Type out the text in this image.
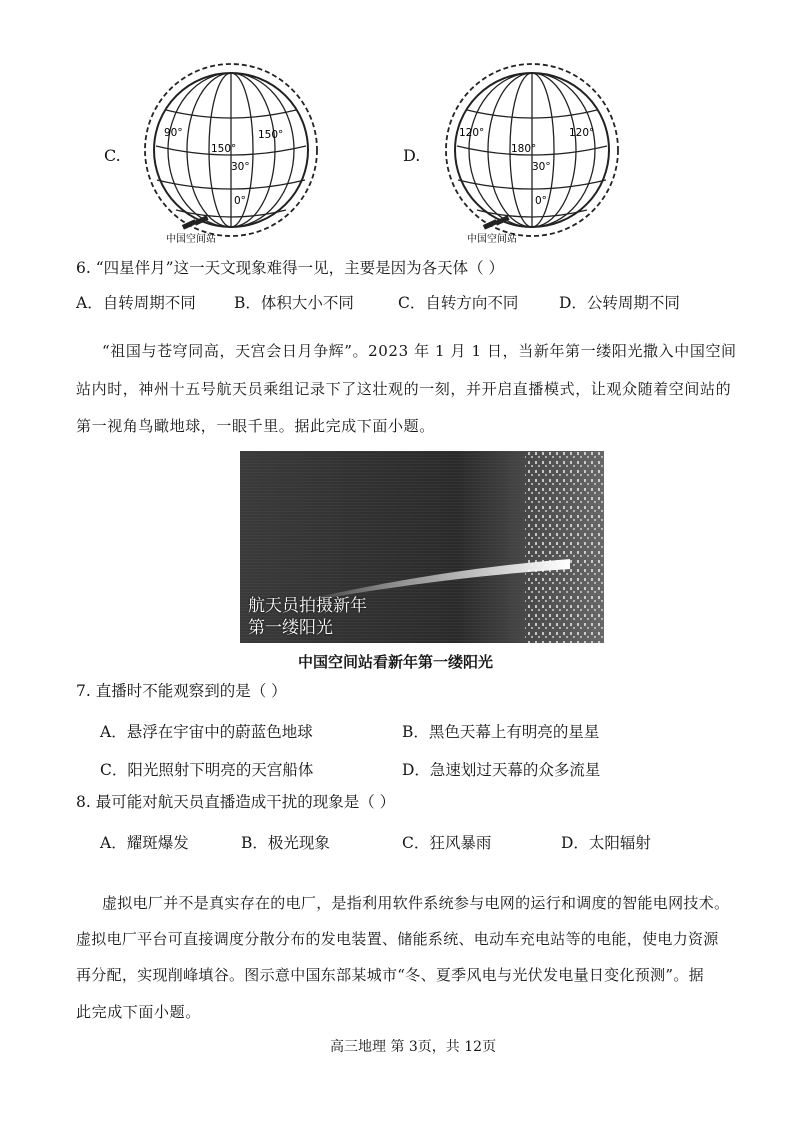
C.
90°	150°
150°
30°
0°
中国空间站
D.
120°	120°
180°
30°
0°
中国空间站
6. “四星伴月”这一天文现象难得一见，主要是因为各天体（ ）
A．自转周期不同 B．体积大小不同	C．自转方向不同	D．公转周期不同
“祖国与苍穹同高，天宫会日月争辉”。2023 年 1 月 1 日，当新年第一缕阳光撒入中国空间
站内时，神州十五号航天员乘组记录下了这壮观的一刻，并开启直播模式，让观众随着空间站的
第一视角鸟瞰地球，一眼千里。据此完成下面小题。
航天员拍摄新年
第一缕阳光
中国空间站看新年第一缕阳光
7. 直播时不能观察到的是（ ）
A．悬浮在宇宙中的蔚蓝色地球	B．黑色天幕上有明亮的星星
C．阳光照射下明亮的天宫船体	D．急速划过天幕的众多流星
8. 最可能对航天员直播造成干扰的现象是（ ）
A．耀斑爆发	B．极光现象	C．狂风暴雨	D．太阳辐射
虚拟电厂并不是真实存在的电厂，是指利用软件系统参与电网的运行和调度的智能电网技术。
虚拟电厂平台可直接调度分散分布的发电装置、储能系统、电动车充电站等的电能，使电力资源
再分配，实现削峰填谷。图示意中国东部某城市“冬、夏季风电与光伏发电量日变化预测”。据
此完成下面小题。
高三地理 第 3页，共 12页
